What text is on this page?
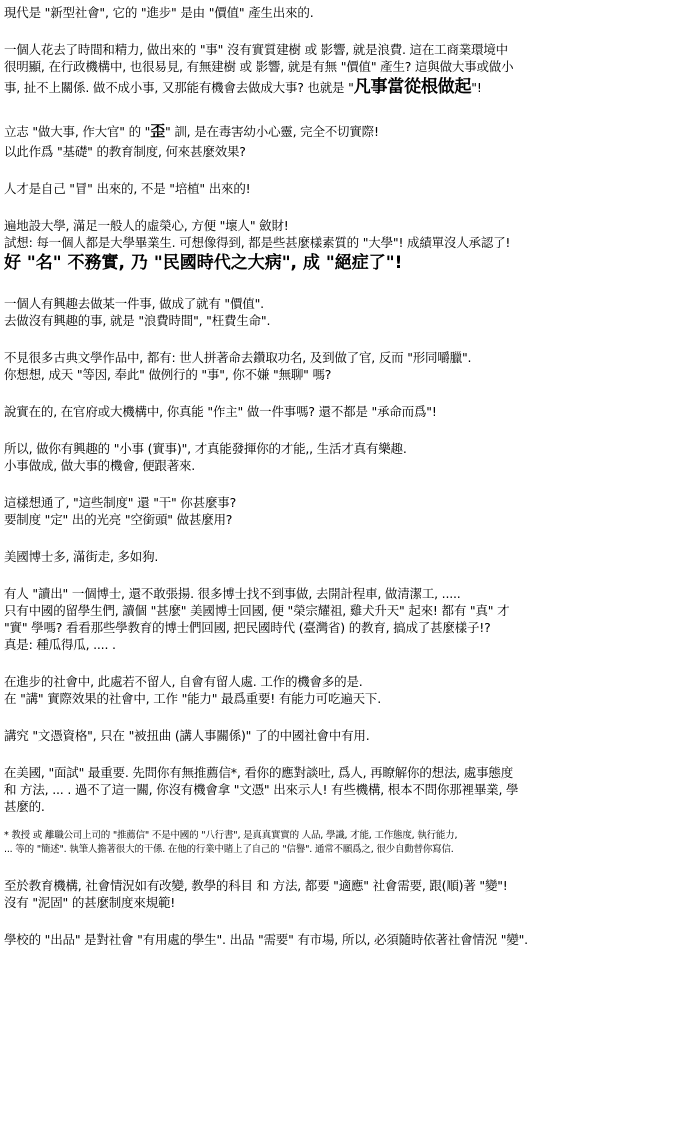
現代是 "新型社會", 它的 "進步" 是由 "價值" 產生出來的.
一個人花去了時間和精力, 做出來的 "事" 沒有實質建樹 或 影響, 就是浪費. 這在工商業環境中
很明顯, 在行政機構中, 也很易見, 有無建樹 或 影響, 就是有無 "價值" 產生? 這與做大事或做小
事, 扯不上關係. 做不成小事, 又那能有機會去做成大事? 也就是 "凡事當從根做起"!
立志 "做大事, 作大官" 的 "歪" 訓, 是在毒害幼小心靈, 完全不切實際!
以此作爲 "基礎" 的教育制度, 何來甚麼效果?
人才是自己 "冒" 出來的, 不是 "培植" 出來的!
遍地設大學, 滿足一般人的虛榮心, 方便 "壞人" 斂財!
試想: 每一個人都是大學畢業生. 可想像得到, 都是些甚麼樣素質的 "大學"! 成績單沒人承認了!
好 "名" 不務實, 乃 "民國時代之大病", 成 "絕症了"!
一個人有興趣去做某一件事, 做成了就有 "價值".
去做沒有興趣的事, 就是 "浪費時間", "枉費生命".
不見很多古典文學作品中, 都有: 世人拼著命去鑽取功名, 及到做了官, 反而 "形同嚼臘".
你想想, 成天 "等因, 奉此" 做例行的 "事", 你不嫌 "無聊" 嗎?
說實在的, 在官府或大機構中, 你真能 "作主" 做一件事嗎? 還不都是 "承命而爲"!
所以, 做你有興趣的 "小事 (實事)", 才真能發揮你的才能,, 生活才真有樂趣.
小事做成, 做大事的機會, 便跟著來.
這樣想通了, "這些制度" 還 "干" 你甚麼事?
要制度 "定" 出的光亮 "空銜頭" 做甚麼用?
美國博士多, 滿街走, 多如狗.
有人 "讀出" 一個博士, 還不敢張揚. 很多博士找不到事做, 去開計程車, 做清潔工, .....
只有中國的留學生們, 讀個 "甚麼" 美國博士回國, 便 "榮宗耀祖, 雞犬升天" 起來! 都有 "真" 才
"實" 學嗎? 看看那些學教育的博士們回國, 把民國時代 (臺灣省) 的教育, 搞成了甚麼樣子!?
真是: 種瓜得瓜, .... .
在進步的社會中, 此處若不留人, 自會有留人處. 工作的機會多的是.
在 "講" 實際效果的社會中, 工作 "能力" 最爲重要! 有能力可吃遍天下.
講究 "文憑資格", 只在 "被扭曲 (講人事關係)" 了的中國社會中有用.
在美國, "面試" 最重要. 先問你有無推薦信*, 看你的應對談吐, 爲人, 再瞭解你的想法, 處事態度
和 方法, ... . 過不了這一關, 你沒有機會拿 "文憑" 出來示人! 有些機構, 根本不問你那裡畢業, 學
甚麼的.
* 教授 或 離職公司上司的 "推薦信" 不是中國的 "八行書", 是真真實實的 人品, 學識, 才能, 工作態度, 執行能力,
... 等的 "簡述". 執筆人擔著很大的干係. 在他的行業中賭上了自己的 "信譽". 通常不願爲之, 很少自動替你寫信.
至於教育機構, 社會情況如有改變, 教學的科目 和 方法, 都要 "適應" 社會需要, 跟(順)著 "變"!
沒有 "泥固" 的甚麼制度來規範!
學校的 "出品" 是對社會 "有用處的學生". 出品 "需要" 有市場, 所以, 必須隨時依著社會情況 "變".
